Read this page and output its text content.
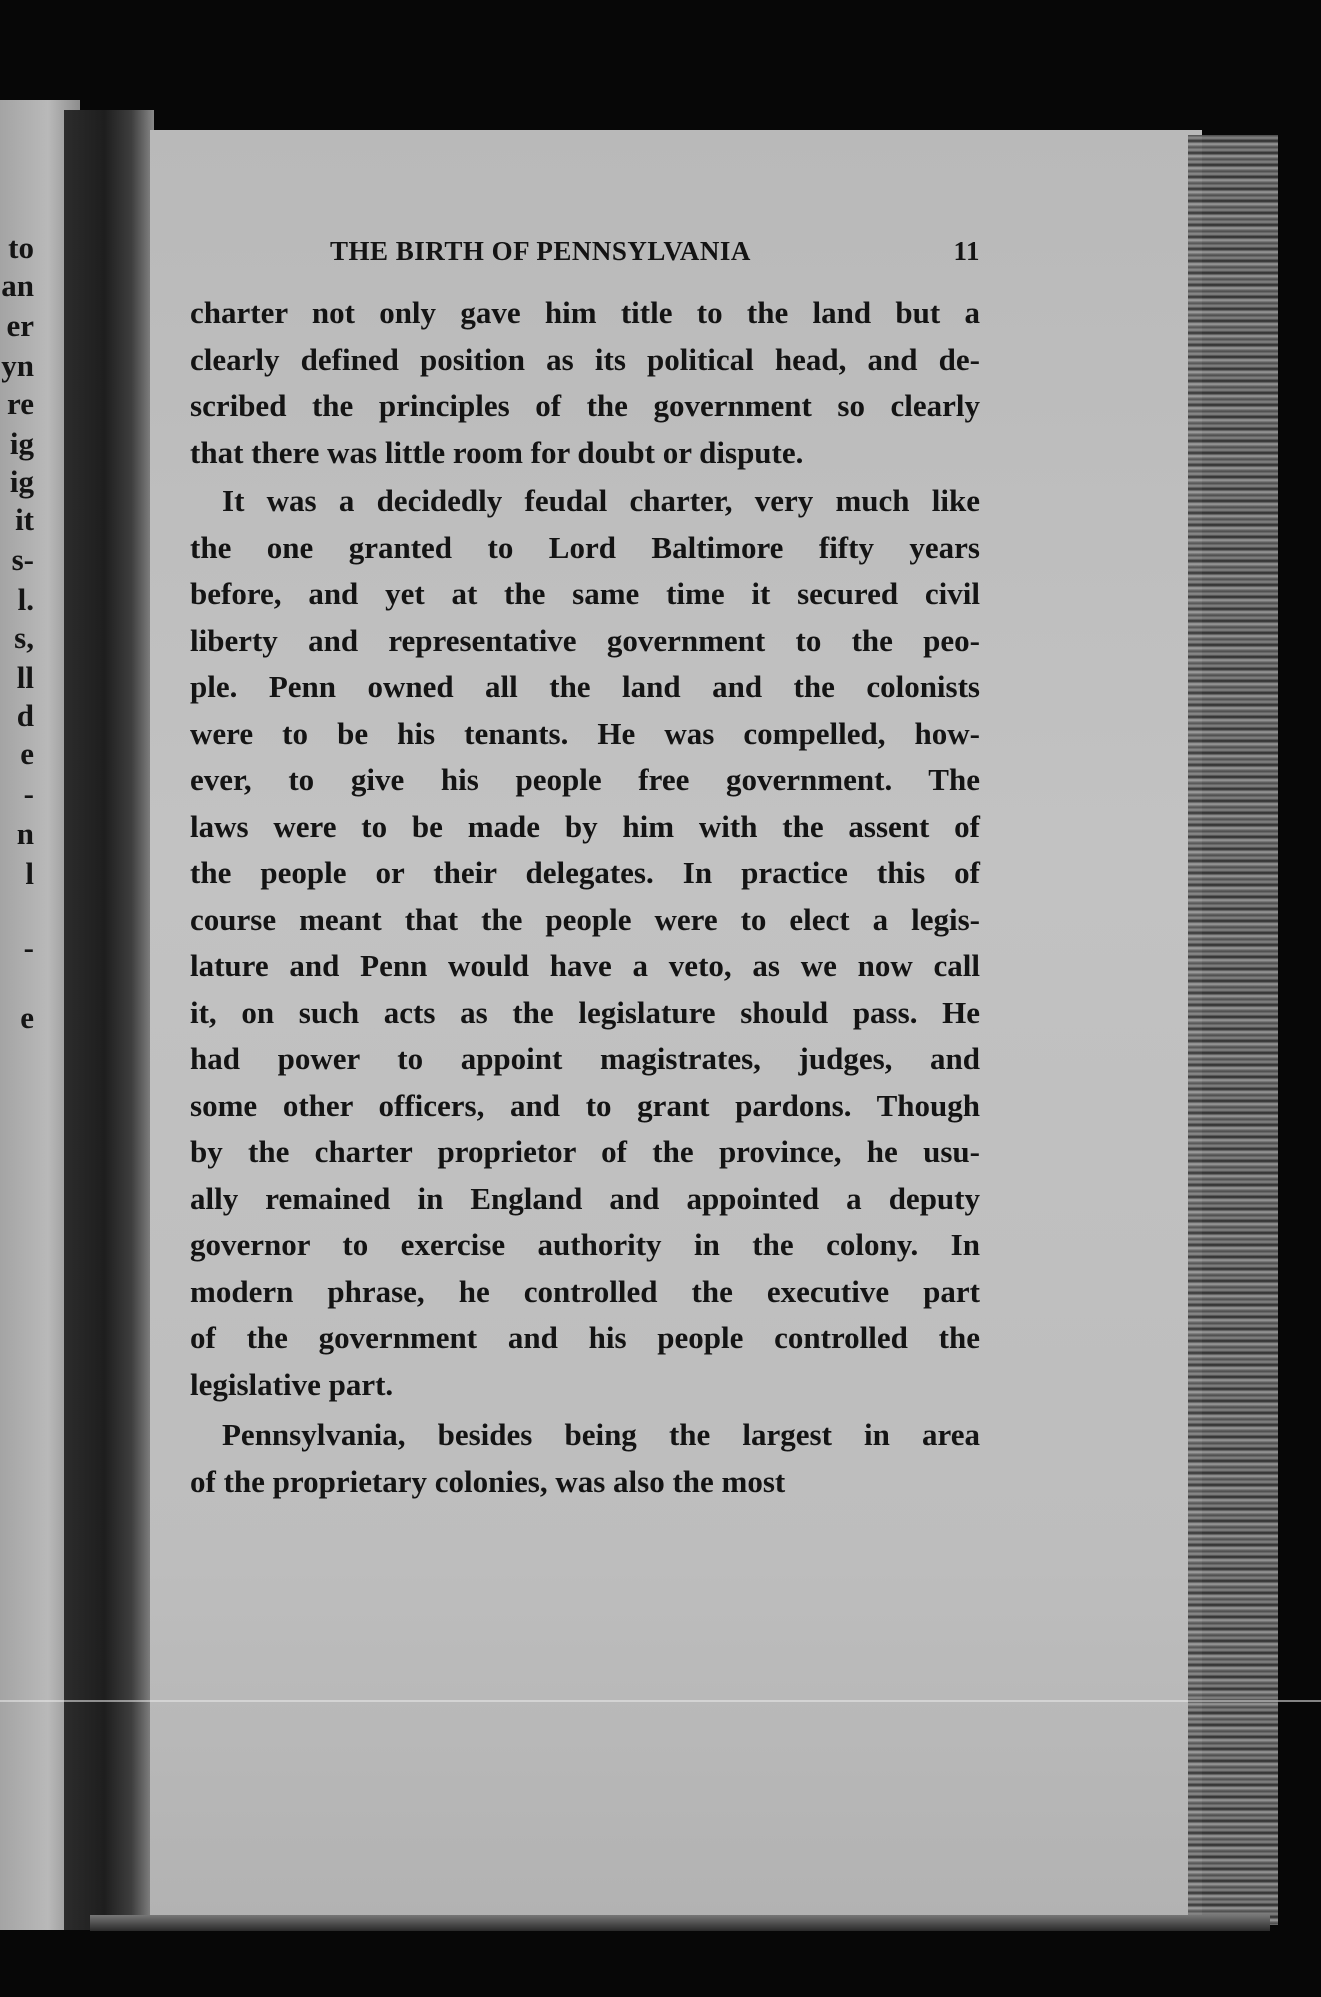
to
an
er
yn
re
ig
ig
it
s-
l.
s,
ll
d
e
-
n
l
-
e
THE BIRTH OF PENNSYLVANIA	11
charter not only gave him title to the land but a
clearly defined position as its political head, and de-
scribed the principles of the government so clearly
that there was little room for doubt or dispute.
It was a decidedly feudal charter, very much like
the one granted to Lord Baltimore fifty years
before, and yet at the same time it secured civil
liberty and representative government to the peo-
ple. Penn owned all the land and the colonists
were to be his tenants. He was compelled, how-
ever, to give his people free government. The
laws were to be made by him with the assent of
the people or their delegates. In practice this of
course meant that the people were to elect a legis-
lature and Penn would have a veto, as we now call
it, on such acts as the legislature should pass. He
had power to appoint magistrates, judges, and
some other officers, and to grant pardons. Though
by the charter proprietor of the province, he usu-
ally remained in England and appointed a deputy
governor to exercise authority in the colony. In
modern phrase, he controlled the executive part
of the government and his people controlled the
legislative part.
Pennsylvania, besides being the largest in area
of the proprietary colonies, was also the most
